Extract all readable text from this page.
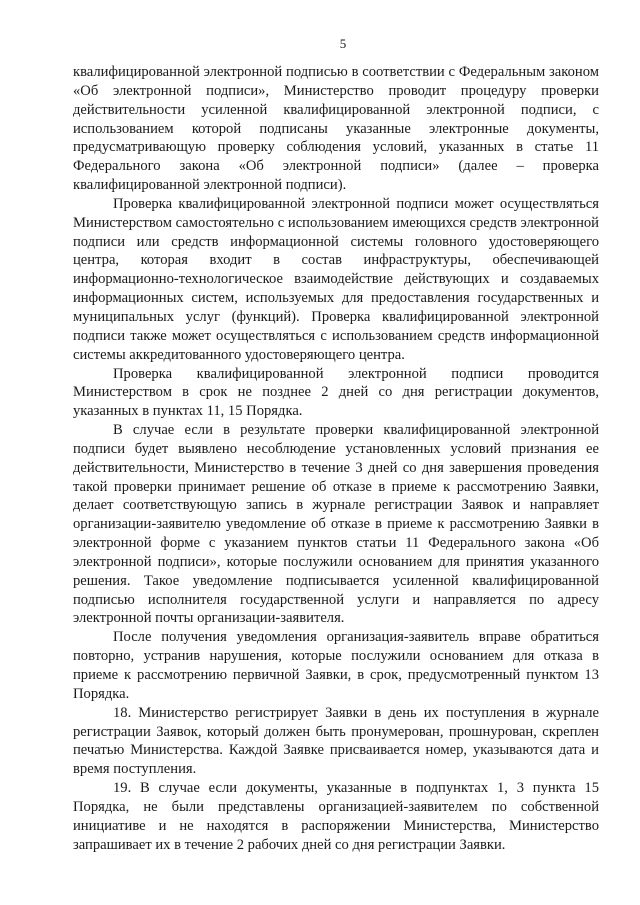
5

квалифицированной электронной подписью в соответствии с Федеральным законом «Об электронной подписи», Министерство проводит процедуру проверки действительности усиленной квалифицированной электронной подписи, с использованием которой подписаны указанные электронные документы, предусматривающую проверку соблюдения условий, указанных в статье 11 Федерального закона «Об электронной подписи» (далее – проверка квалифицированной электронной подписи).

Проверка квалифицированной электронной подписи может осуществляться Министерством самостоятельно с использованием имеющихся средств электронной подписи или средств информационной системы головного удостоверяющего центра, которая входит в состав инфраструктуры, обеспечивающей информационно-технологическое взаимодействие действующих и создаваемых информационных систем, используемых для предоставления государственных и муниципальных услуг (функций). Проверка квалифицированной электронной подписи также может осуществляться с использованием средств информационной системы аккредитованного удостоверяющего центра.

Проверка квалифицированной электронной подписи проводится Министерством в срок не позднее 2 дней со дня регистрации документов, указанных в пунктах 11, 15 Порядка.

В случае если в результате проверки квалифицированной электронной подписи будет выявлено несоблюдение установленных условий признания ее действительности, Министерство в течение 3 дней со дня завершения проведения такой проверки принимает решение об отказе в приеме к рассмотрению Заявки, делает соответствующую запись в журнале регистрации Заявок и направляет организации-заявителю уведомление об отказе в приеме к рассмотрению Заявки в электронной форме с указанием пунктов статьи 11 Федерального закона «Об электронной подписи», которые послужили основанием для принятия указанного решения. Такое уведомление подписывается усиленной квалифицированной подписью исполнителя государственной услуги и направляется по адресу электронной почты организации-заявителя.

После получения уведомления организация-заявитель вправе обратиться повторно, устранив нарушения, которые послужили основанием для отказа в приеме к рассмотрению первичной Заявки, в срок, предусмотренный пунктом 13 Порядка.

18. Министерство регистрирует Заявки в день их поступления в журнале регистрации Заявок, который должен быть пронумерован, прошнурован, скреплен печатью Министерства. Каждой Заявке присваивается номер, указываются дата и время поступления.

19. В случае если документы, указанные в подпунктах 1, 3 пункта 15 Порядка, не были представлены организацией-заявителем по собственной инициативе и не находятся в распоряжении Министерства, Министерство запрашивает их в течение 2 рабочих дней со дня регистрации Заявки.
